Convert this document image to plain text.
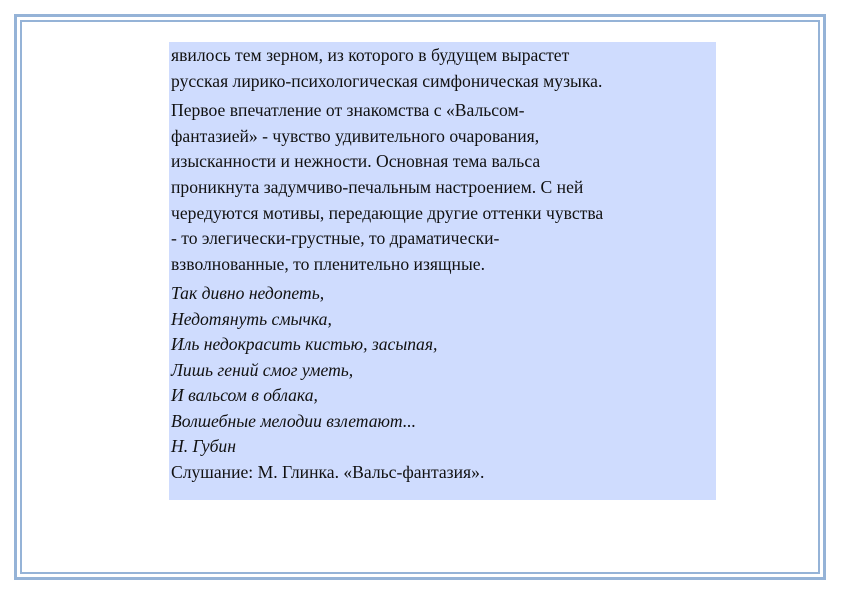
явилось тем зерном, из которого в будущем вырастет
русская лирико-психологическая симфоническая музыка.

Первое впечатление от знакомства с «Вальсом-
фантазией» - чувство удивительного очарования,
изысканности и нежности. Основная тема вальса
проникнута задумчиво-печальным настроением. С ней
чередуются мотивы, передающие другие оттенки чувства
- то элегически-грустные, то драматически-
взволнованные, то пленительно изящные.

Так дивно недопеть,
Недотянуть смычка,
Иль недокрасить кистью, засыпая,
Лишь гений смог уметь,
И вальсом в облака,
Волшебные мелодии взлетают...
Н. Губин
Слушание: М. Глинка. «Вальс-фантазия».
